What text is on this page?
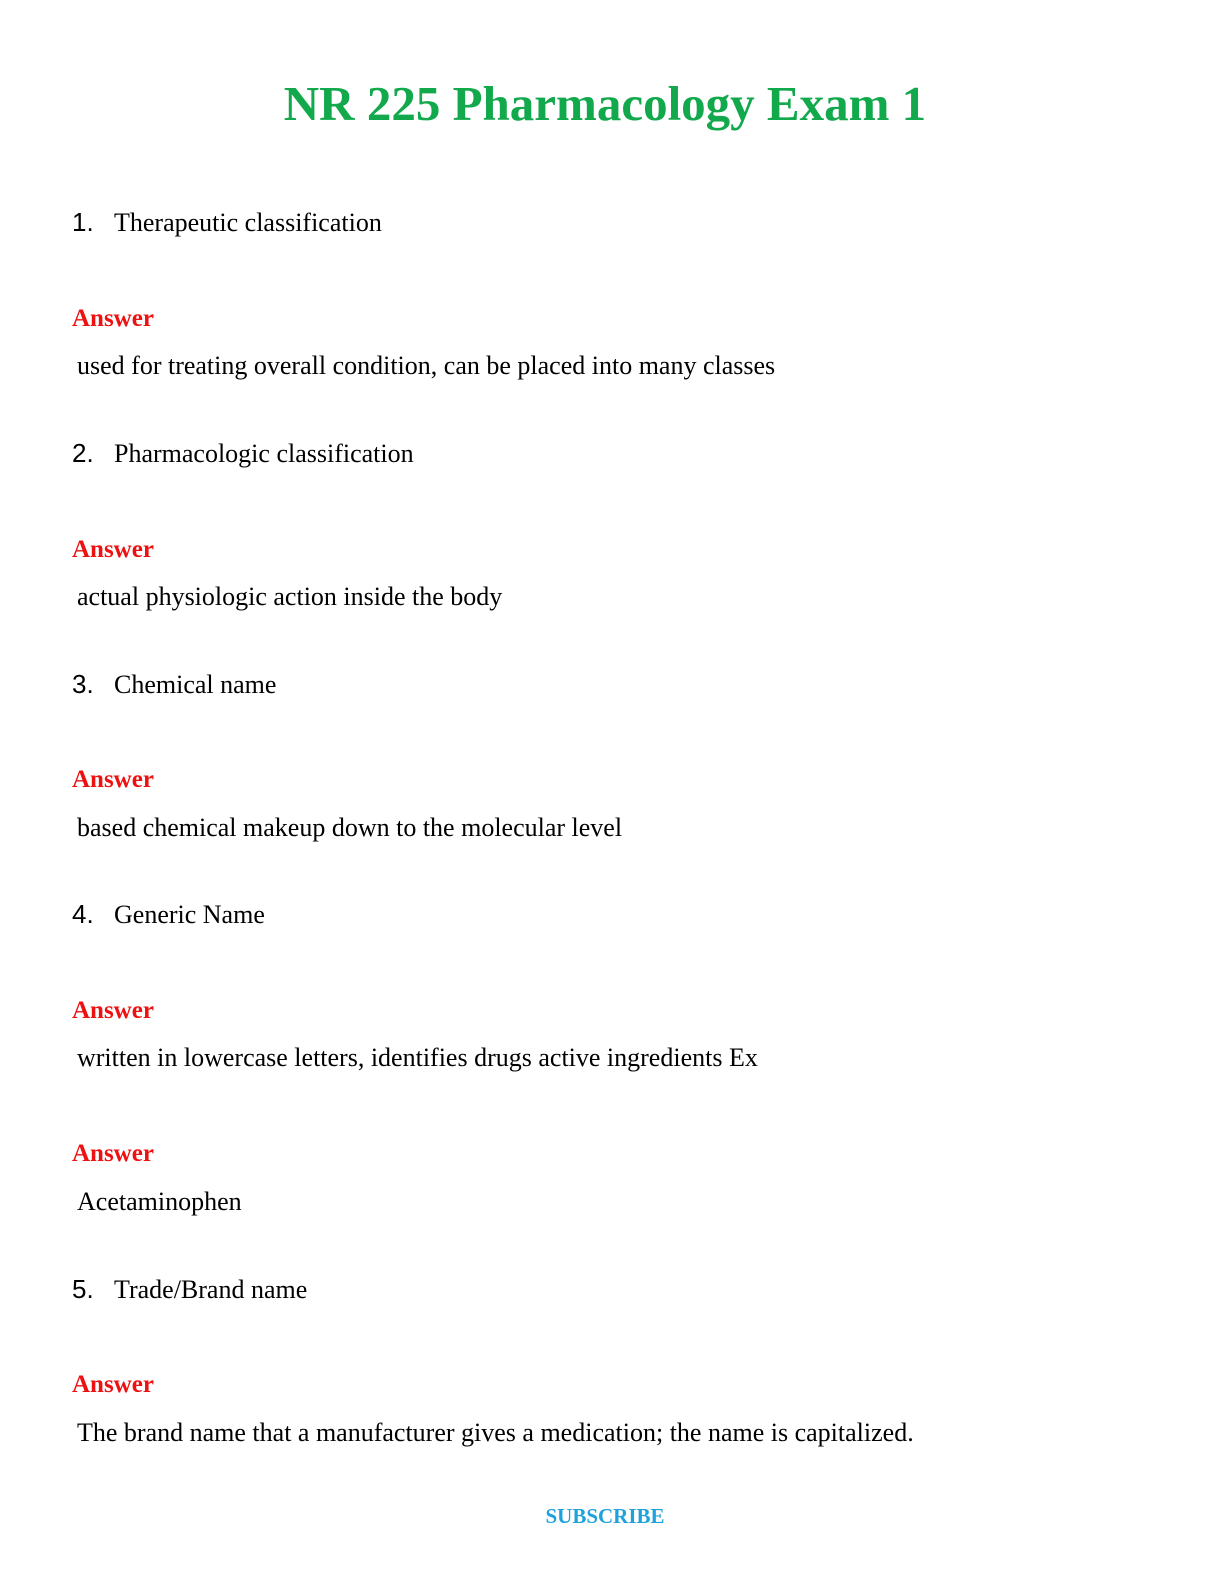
NR 225 Pharmacology Exam 1
1. Therapeutic classification
Answer
used for treating overall condition, can be placed into many classes
2. Pharmacologic classification
Answer
actual physiologic action inside the body
3. Chemical name
Answer
based chemical makeup down to the molecular level
4. Generic Name
Answer
written in lowercase letters, identifies drugs active ingredients Ex
Answer
Acetaminophen
5. Trade/Brand name
Answer
The brand name that a manufacturer gives a medication; the name is capitalized.
SUBSCRIBE
